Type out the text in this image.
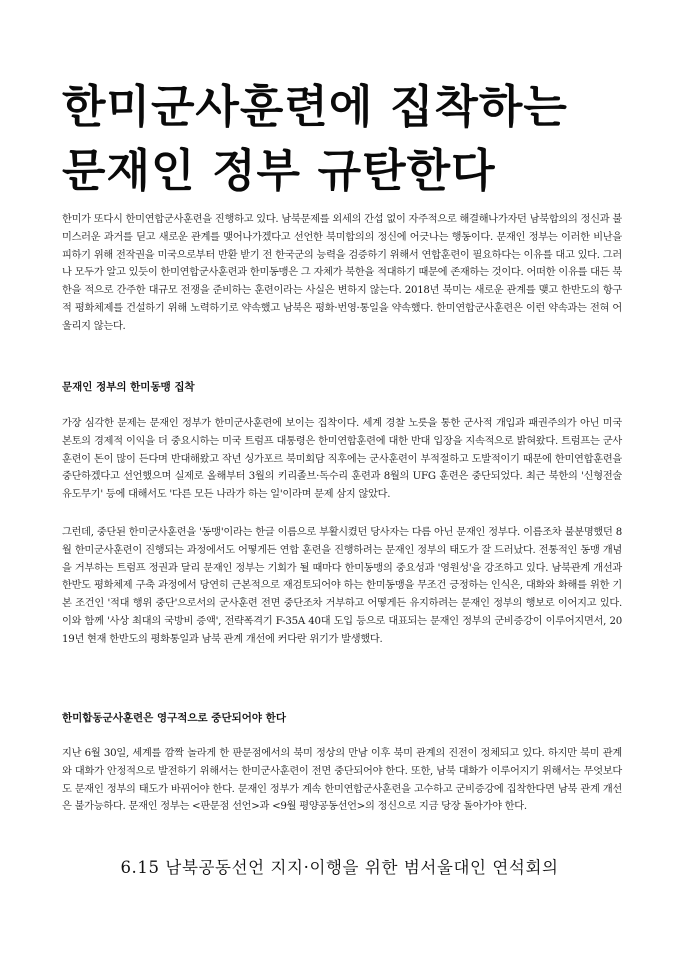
한미군사훈련에 집착하는
문재인 정부 규탄한다

한미가 또다시 한미연합군사훈련을 진행하고 있다. 남북문제를 외세의 간섭 없이 자주적으로 해결해나가자던 남북합의의 정신과 불미스러운 과거를 딛고 새로운 관계를 맺어나가겠다고 선언한 북미합의의 정신에 어긋나는 행동이다. 문재인 정부는 이러한 비난을 피하기 위해 전작권을 미국으로부터 반환 받기 전 한국군의 능력을 검증하기 위해서 연합훈련이 필요하다는 이유를 대고 있다. 그러나 모두가 알고 있듯이 한미연합군사훈련과 한미동맹은 그 자체가 북한을 적대하기 때문에 존재하는 것이다. 어떠한 이유를 대든 북한을 적으로 간주한 대규모 전쟁을 준비하는 훈련이라는 사실은 변하지 않는다. 2018년 북미는 새로운 관계를 맺고 한반도의 항구적 평화체제를 건설하기 위해 노력하기로 약속했고 남북은 평화·번영·통일을 약속했다. 한미연합군사훈련은 이런 약속과는 전혀 어울리지 않는다.

문재인 정부의 한미동맹 집착

가장 심각한 문제는 문재인 정부가 한미군사훈련에 보이는 집착이다. 세계 경찰 노릇을 통한 군사적 개입과 패권주의가 아닌 미국 본토의 경제적 이익을 더 중요시하는 미국 트럼프 대통령은 한미연합훈련에 대한 반대 입장을 지속적으로 밝혀왔다. 트럼프는 군사훈련이 돈이 많이 든다며 반대해왔고 작년 싱가포르 북미회담 직후에는 군사훈련이 부적절하고 도발적이기 때문에 한미연합훈련을 중단하겠다고 선언했으며 실제로 올해부터 3월의 키리졸브·독수리 훈련과 8월의 UFG 훈련은 중단되었다. 최근 북한의 '신형전술유도무기' 등에 대해서도 '다른 모든 나라가 하는 일'이라며 문제 삼지 않았다.

그런데, 중단된 한미군사훈련을 '동맹'이라는 한글 이름으로 부활시켰던 당사자는 다름 아닌 문재인 정부다. 이름조차 불분명했던 8월 한미군사훈련이 진행되는 과정에서도 어떻게든 연합 훈련을 진행하려는 문재인 정부의 태도가 잘 드러났다. 전통적인 동맹 개념을 거부하는 트럼프 정권과 달리 문재인 정부는 기회가 될 때마다 한미동맹의 중요성과 '영원성'을 강조하고 있다. 남북관계 개선과 한반도 평화체제 구축 과정에서 당연히 근본적으로 재검토되어야 하는 한미동맹을 무조건 긍정하는 인식은, 대화와 화해를 위한 기본 조건인 '적대 행위 중단'으로서의 군사훈련 전면 중단조차 거부하고 어떻게든 유지하려는 문재인 정부의 행보로 이어지고 있다. 이와 함께 '사상 최대의 국방비 증액', 전략폭격기 F-35A 40대 도입 등으로 대표되는 문재인 정부의 군비증강이 이루어지면서, 2019년 현재 한반도의 평화통일과 남북 관계 개선에 커다란 위기가 발생했다.

한미합동군사훈련은 영구적으로 중단되어야 한다

지난 6월 30일, 세계를 깜짝 놀라게 한 판문점에서의 북미 정상의 만남 이후 북미 관계의 진전이 정체되고 있다. 하지만 북미 관계와 대화가 안정적으로 발전하기 위해서는 한미군사훈련이 전면 중단되어야 한다. 또한, 남북 대화가 이루어지기 위해서는 무엇보다도 문재인 정부의 태도가 바뀌어야 한다. 문재인 정부가 계속 한미연합군사훈련을 고수하고 군비증강에 집착한다면 남북 관계 개선은 불가능하다. 문재인 정부는 <판문점 선언>과 <9월 평양공동선언>의 정신으로 지금 당장 돌아가야 한다.

6.15 남북공동선언 지지·이행을 위한 범서울대인 연석회의
